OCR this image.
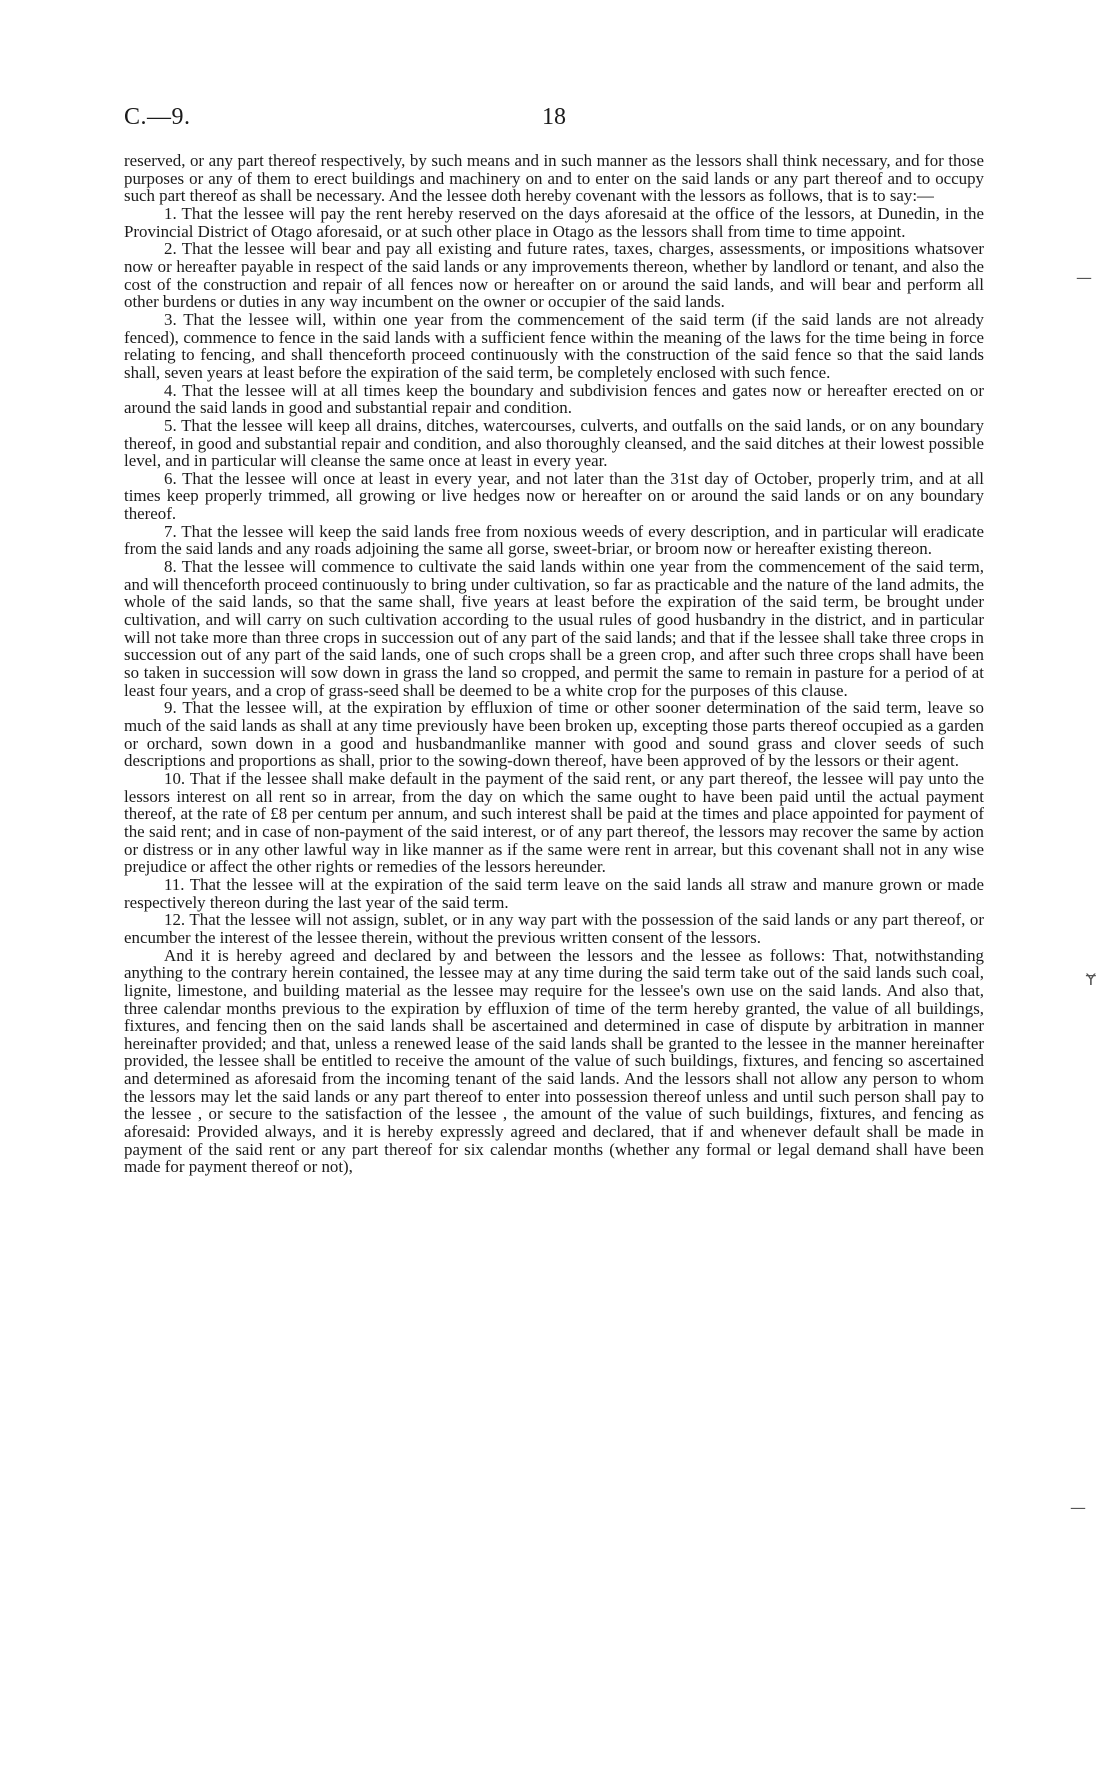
C.—9.	18

reserved, or any part thereof respectively, by such means and in such manner as the lessors shall think necessary, and for those purposes or any of them to erect buildings and machinery on and to enter on the said lands or any part thereof and to occupy such part thereof as shall be necessary. And the lessee doth hereby covenant with the lessors as follows, that is to say:—

1. That the lessee will pay the rent hereby reserved on the days aforesaid at the office of the lessors, at Dunedin, in the Provincial District of Otago aforesaid, or at such other place in Otago as the lessors shall from time to time appoint.

2. That the lessee will bear and pay all existing and future rates, taxes, charges, assessments, or impositions whatsover now or hereafter payable in respect of the said lands or any improvements thereon, whether by landlord or tenant, and also the cost of the construction and repair of all fences now or hereafter on or around the said lands, and will bear and perform all other burdens or duties in any way incumbent on the owner or occupier of the said lands.

3. That the lessee will, within one year from the commencement of the said term (if the said lands are not already fenced), commence to fence in the said lands with a sufficient fence within the meaning of the laws for the time being in force relating to fencing, and shall thenceforth proceed continuously with the construction of the said fence so that the said lands shall, seven years at least before the expiration of the said term, be completely enclosed with such fence.

4. That the lessee will at all times keep the boundary and subdivision fences and gates now or hereafter erected on or around the said lands in good and substantial repair and condition.

5. That the lessee will keep all drains, ditches, watercourses, culverts, and outfalls on the said lands, or on any boundary thereof, in good and substantial repair and condition, and also thoroughly cleansed, and the said ditches at their lowest possible level, and in particular will cleanse the same once at least in every year.

6. That the lessee will once at least in every year, and not later than the 31st day of October, properly trim, and at all times keep properly trimmed, all growing or live hedges now or hereafter on or around the said lands or on any boundary thereof.

7. That the lessee will keep the said lands free from noxious weeds of every description, and in particular will eradicate from the said lands and any roads adjoining the same all gorse, sweet-briar, or broom now or hereafter existing thereon.

8. That the lessee will commence to cultivate the said lands within one year from the commencement of the said term, and will thenceforth proceed continuously to bring under cultivation, so far as practicable and the nature of the land admits, the whole of the said lands, so that the same shall, five years at least before the expiration of the said term, be brought under cultivation, and will carry on such cultivation according to the usual rules of good husbandry in the district, and in particular will not take more than three crops in succession out of any part of the said lands; and that if the lessee shall take three crops in succession out of any part of the said lands, one of such crops shall be a green crop, and after such three crops shall have been so taken in succession will sow down in grass the land so cropped, and permit the same to remain in pasture for a period of at least four years, and a crop of grass-seed shall be deemed to be a white crop for the purposes of this clause.

9. That the lessee will, at the expiration by effluxion of time or other sooner determination of the said term, leave so much of the said lands as shall at any time previously have been broken up, excepting those parts thereof occupied as a garden or orchard, sown down in a good and husbandmanlike manner with good and sound grass and clover seeds of such descriptions and proportions as shall, prior to the sowing-down thereof, have been approved of by the lessors or their agent.

10. That if the lessee shall make default in the payment of the said rent, or any part thereof, the lessee will pay unto the lessors interest on all rent so in arrear, from the day on which the same ought to have been paid until the actual payment thereof, at the rate of £8 per centum per annum, and such interest shall be paid at the times and place appointed for payment of the said rent; and in case of non-payment of the said interest, or of any part thereof, the lessors may recover the same by action or distress or in any other lawful way in like manner as if the same were rent in arrear, but this covenant shall not in any wise prejudice or affect the other rights or remedies of the lessors hereunder.

11. That the lessee will at the expiration of the said term leave on the said lands all straw and manure grown or made respectively thereon during the last year of the said term.

12. That the lessee will not assign, sublet, or in any way part with the possession of the said lands or any part thereof, or encumber the interest of the lessee therein, without the previous written consent of the lessors.

And it is hereby agreed and declared by and between the lessors and the lessee as follows: That, notwithstanding anything to the contrary herein contained, the lessee may at any time during the said term take out of the said lands such coal, lignite, limestone, and building material as the lessee may require for the lessee's own use on the said lands. And also that, three calendar months previous to the expiration by effluxion of time of the term hereby granted, the value of all buildings, fixtures, and fencing then on the said lands shall be ascertained and determined in case of dispute by arbitration in manner hereinafter provided; and that, unless a renewed lease of the said lands shall be granted to the lessee in the manner hereinafter provided, the lessee shall be entitled to receive the amount of the value of such buildings, fixtures, and fencing so ascertained and determined as aforesaid from the incoming tenant of the said lands. And the lessors shall not allow any person to whom the lessors may let the said lands or any part thereof to enter into possession thereof unless and until such person shall pay to the lessee , or secure to the satisfaction of the lessee , the amount of the value of such buildings, fixtures, and fencing as aforesaid: Provided always, and it is hereby expressly agreed and declared, that if and whenever default shall be made in payment of the said rent or any part thereof for six calendar months (whether any formal or legal demand shall have been made for payment thereof or not),

—
Ɏ
—
